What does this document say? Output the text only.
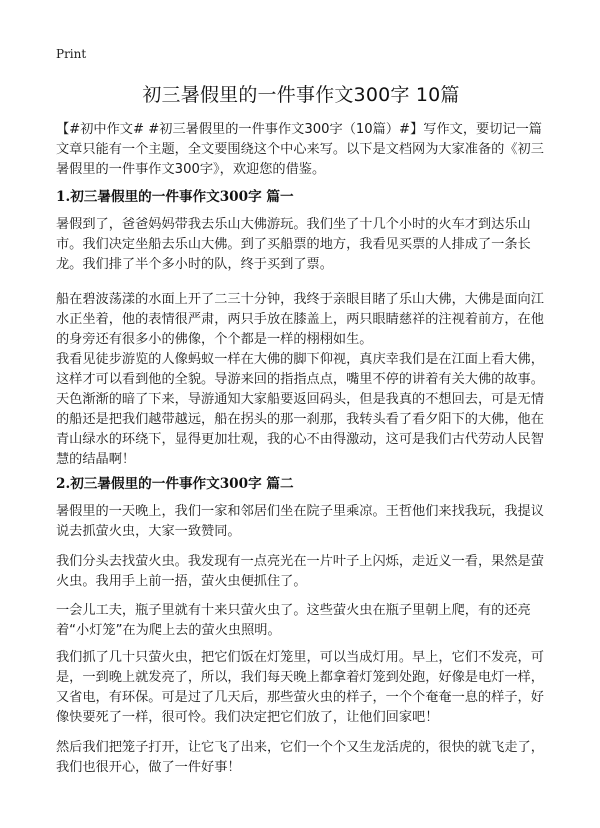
Print
初三暑假里的一件事作文300字 10篇

【#初中作文# #初三暑假里的一件事作文300字（10篇）#】写作文，要切记一篇文章只能有一个主题，全文要围绕这个中心来写。以下是文档网为大家准备的《初三暑假里的一件事作文300字》，欢迎您的借鉴。

1.初三暑假里的一件事作文300字 篇一

暑假到了，爸爸妈妈带我去乐山大佛游玩。我们坐了十几个小时的火车才到达乐山市。我们决定坐船去乐山大佛。到了买船票的地方，我看见买票的人排成了一条长龙。我们排了半个多小时的队，终于买到了票。

船在碧波荡漾的水面上开了二三十分钟，我终于亲眼目睹了乐山大佛，大佛是面向江水正坐着，他的表情很严肃，两只手放在膝盖上，两只眼睛慈祥的注视着前方，在他的身旁还有很多小的佛像，个个都是一样的栩栩如生。

我看见徒步游览的人像蚂蚁一样在大佛的脚下仰视，真庆幸我们是在江面上看大佛，这样才可以看到他的全貌。导游来回的指指点点，嘴里不停的讲着有关大佛的故事。天色渐渐的暗了下来，导游通知大家船要返回码头，但是我真的不想回去，可是无情的船还是把我们越带越远，船在拐头的那一刹那，我转头看了看夕阳下的大佛，他在青山绿水的环绕下，显得更加壮观，我的心不由得激动，这可是我们古代劳动人民智慧的结晶啊！

2.初三暑假里的一件事作文300字 篇二

暑假里的一天晚上，我们一家和邻居们坐在院子里乘凉。王哲他们来找我玩，我提议说去抓萤火虫，大家一致赞同。

我们分头去找萤火虫。我发现有一点亮光在一片叶子上闪烁，走近义一看，果然是萤火虫。我用手上前一捂，萤火虫便抓住了。

一会儿工夫，瓶子里就有十来只萤火虫了。这些萤火虫在瓶子里朝上爬，有的还亮着“小灯笼”在为爬上去的萤火虫照明。

我们抓了几十只萤火虫，把它们饭在灯笼里，可以当成灯用。早上，它们不发亮，可是，一到晚上就发亮了，所以，我们每天晚上都拿着灯笼到处跑，好像是电灯一样，又省电，有环保。可是过了几天后，那些萤火虫的样子，一个个奄奄一息的样子，好像快要死了一样，很可怜。我们决定把它们放了，让他们回家吧！

然后我们把笼子打开，让它飞了出来，它们一个个又生龙活虎的，很快的就飞走了，我们也很开心，做了一件好事！
